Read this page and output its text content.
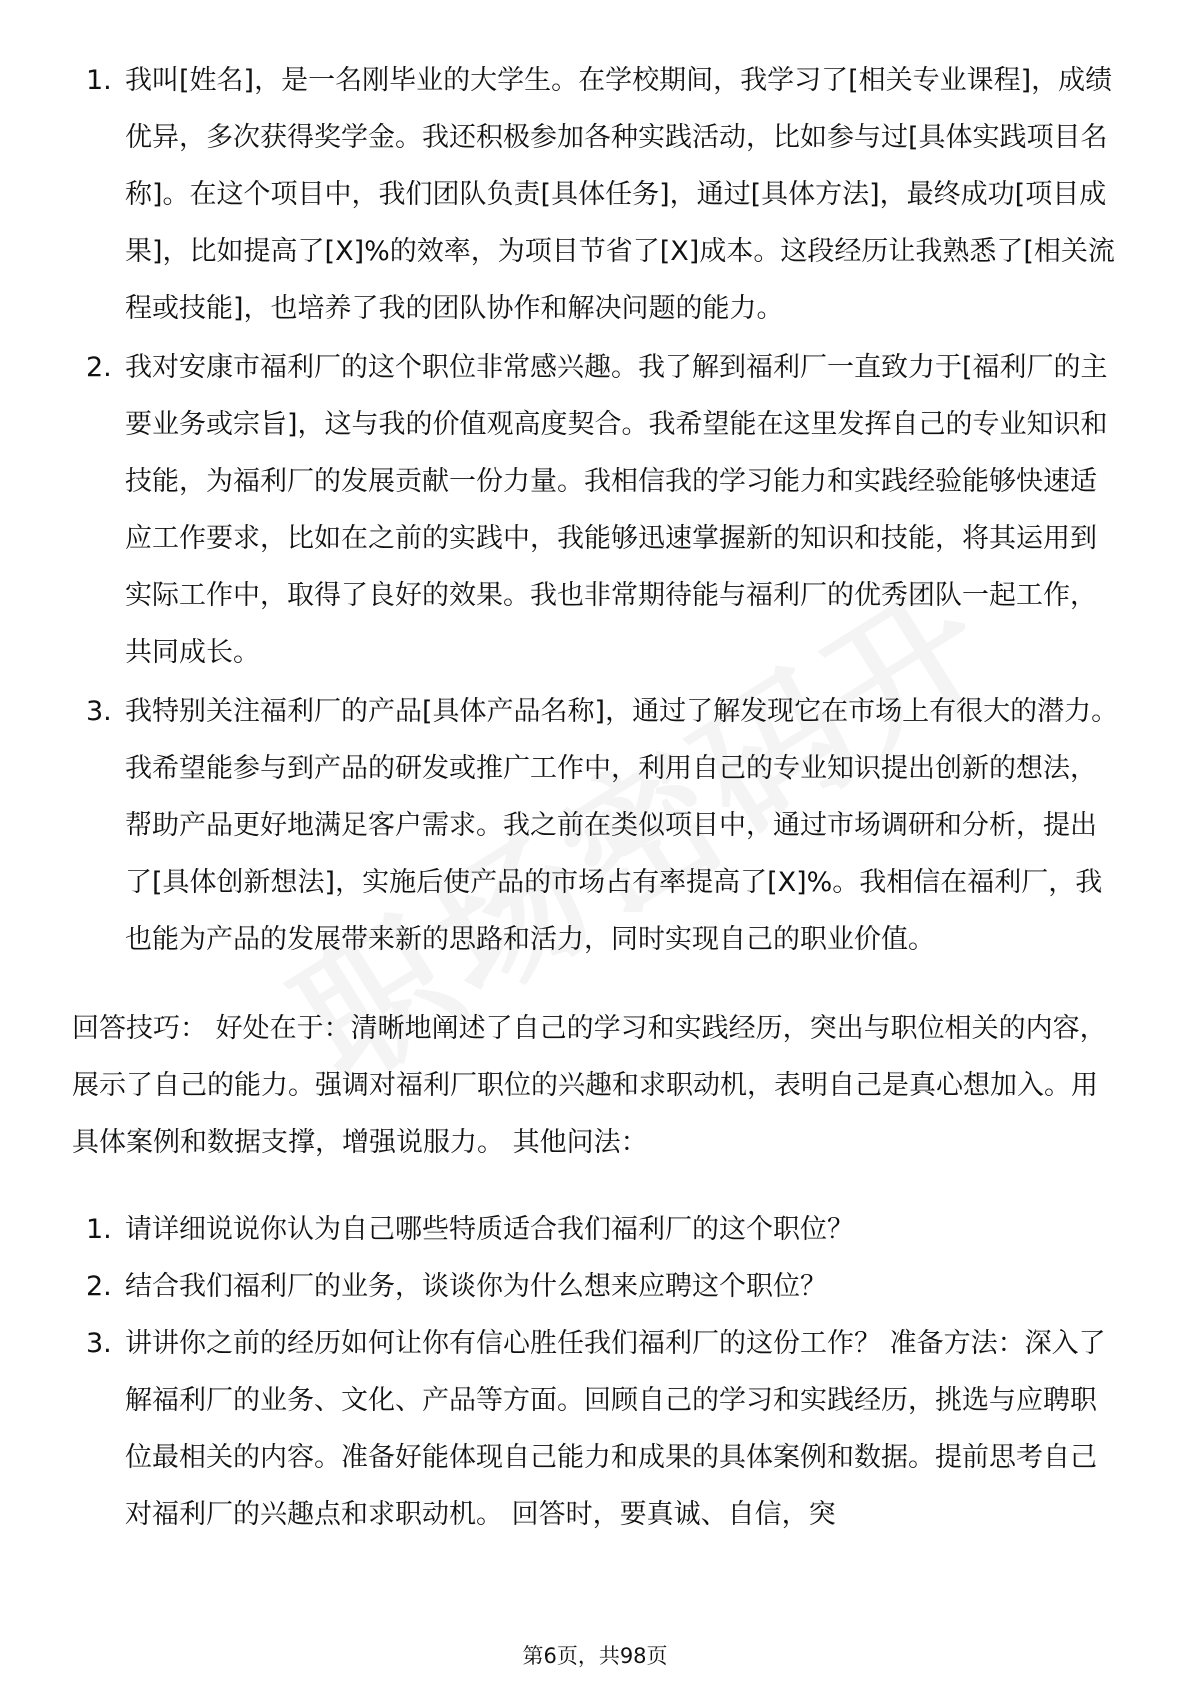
1. 我叫[姓名]，是一名刚毕业的大学生。在学校期间，我学习了[相关专业课程]，成绩优异，多次获得奖学金。我还积极参加各种实践活动，比如参与过[具体实践项目名称]。在这个项目中，我们团队负责[具体任务]，通过[具体方法]，最终成功[项目成果]，比如提高了[X]%的效率，为项目节省了[X]成本。这段经历让我熟悉了[相关流程或技能]，也培养了我的团队协作和解决问题的能力。
2. 我对安康市福利厂的这个职位非常感兴趣。我了解到福利厂一直致力于[福利厂的主要业务或宗旨]，这与我的价值观高度契合。我希望能在这里发挥自己的专业知识和技能，为福利厂的发展贡献一份力量。我相信我的学习能力和实践经验能够快速适应工作要求，比如在之前的实践中，我能够迅速掌握新的知识和技能，将其运用到实际工作中，取得了良好的效果。我也非常期待能与福利厂的优秀团队一起工作，共同成长。
3. 我特别关注福利厂的产品[具体产品名称]，通过了解发现它在市场上有很大的潜力。我希望能参与到产品的研发或推广工作中，利用自己的专业知识提出创新的想法，帮助产品更好地满足客户需求。我之前在类似项目中，通过市场调研和分析，提出了[具体创新想法]，实施后使产品的市场占有率提高了[X]%。我相信在福利厂，我也能为产品的发展带来新的思路和活力，同时实现自己的职业价值。

回答技巧： 好处在于：清晰地阐述了自己的学习和实践经历，突出与职位相关的内容，展示了自己的能力。强调对福利厂职位的兴趣和求职动机，表明自己是真心想加入。用具体案例和数据支撑，增强说服力。 其他问法：

1. 请详细说说你认为自己哪些特质适合我们福利厂的这个职位？
2. 结合我们福利厂的业务，谈谈你为什么想来应聘这个职位？
3. 讲讲你之前的经历如何让你有信心胜任我们福利厂的这份工作？ 准备方法：深入了解福利厂的业务、文化、产品等方面。回顾自己的学习和实践经历，挑选与应聘职位最相关的内容。准备好能体现自己能力和成果的具体案例和数据。提前思考自己对福利厂的兴趣点和求职动机。 回答时，要真诚、自信，突
第6页，共98页
